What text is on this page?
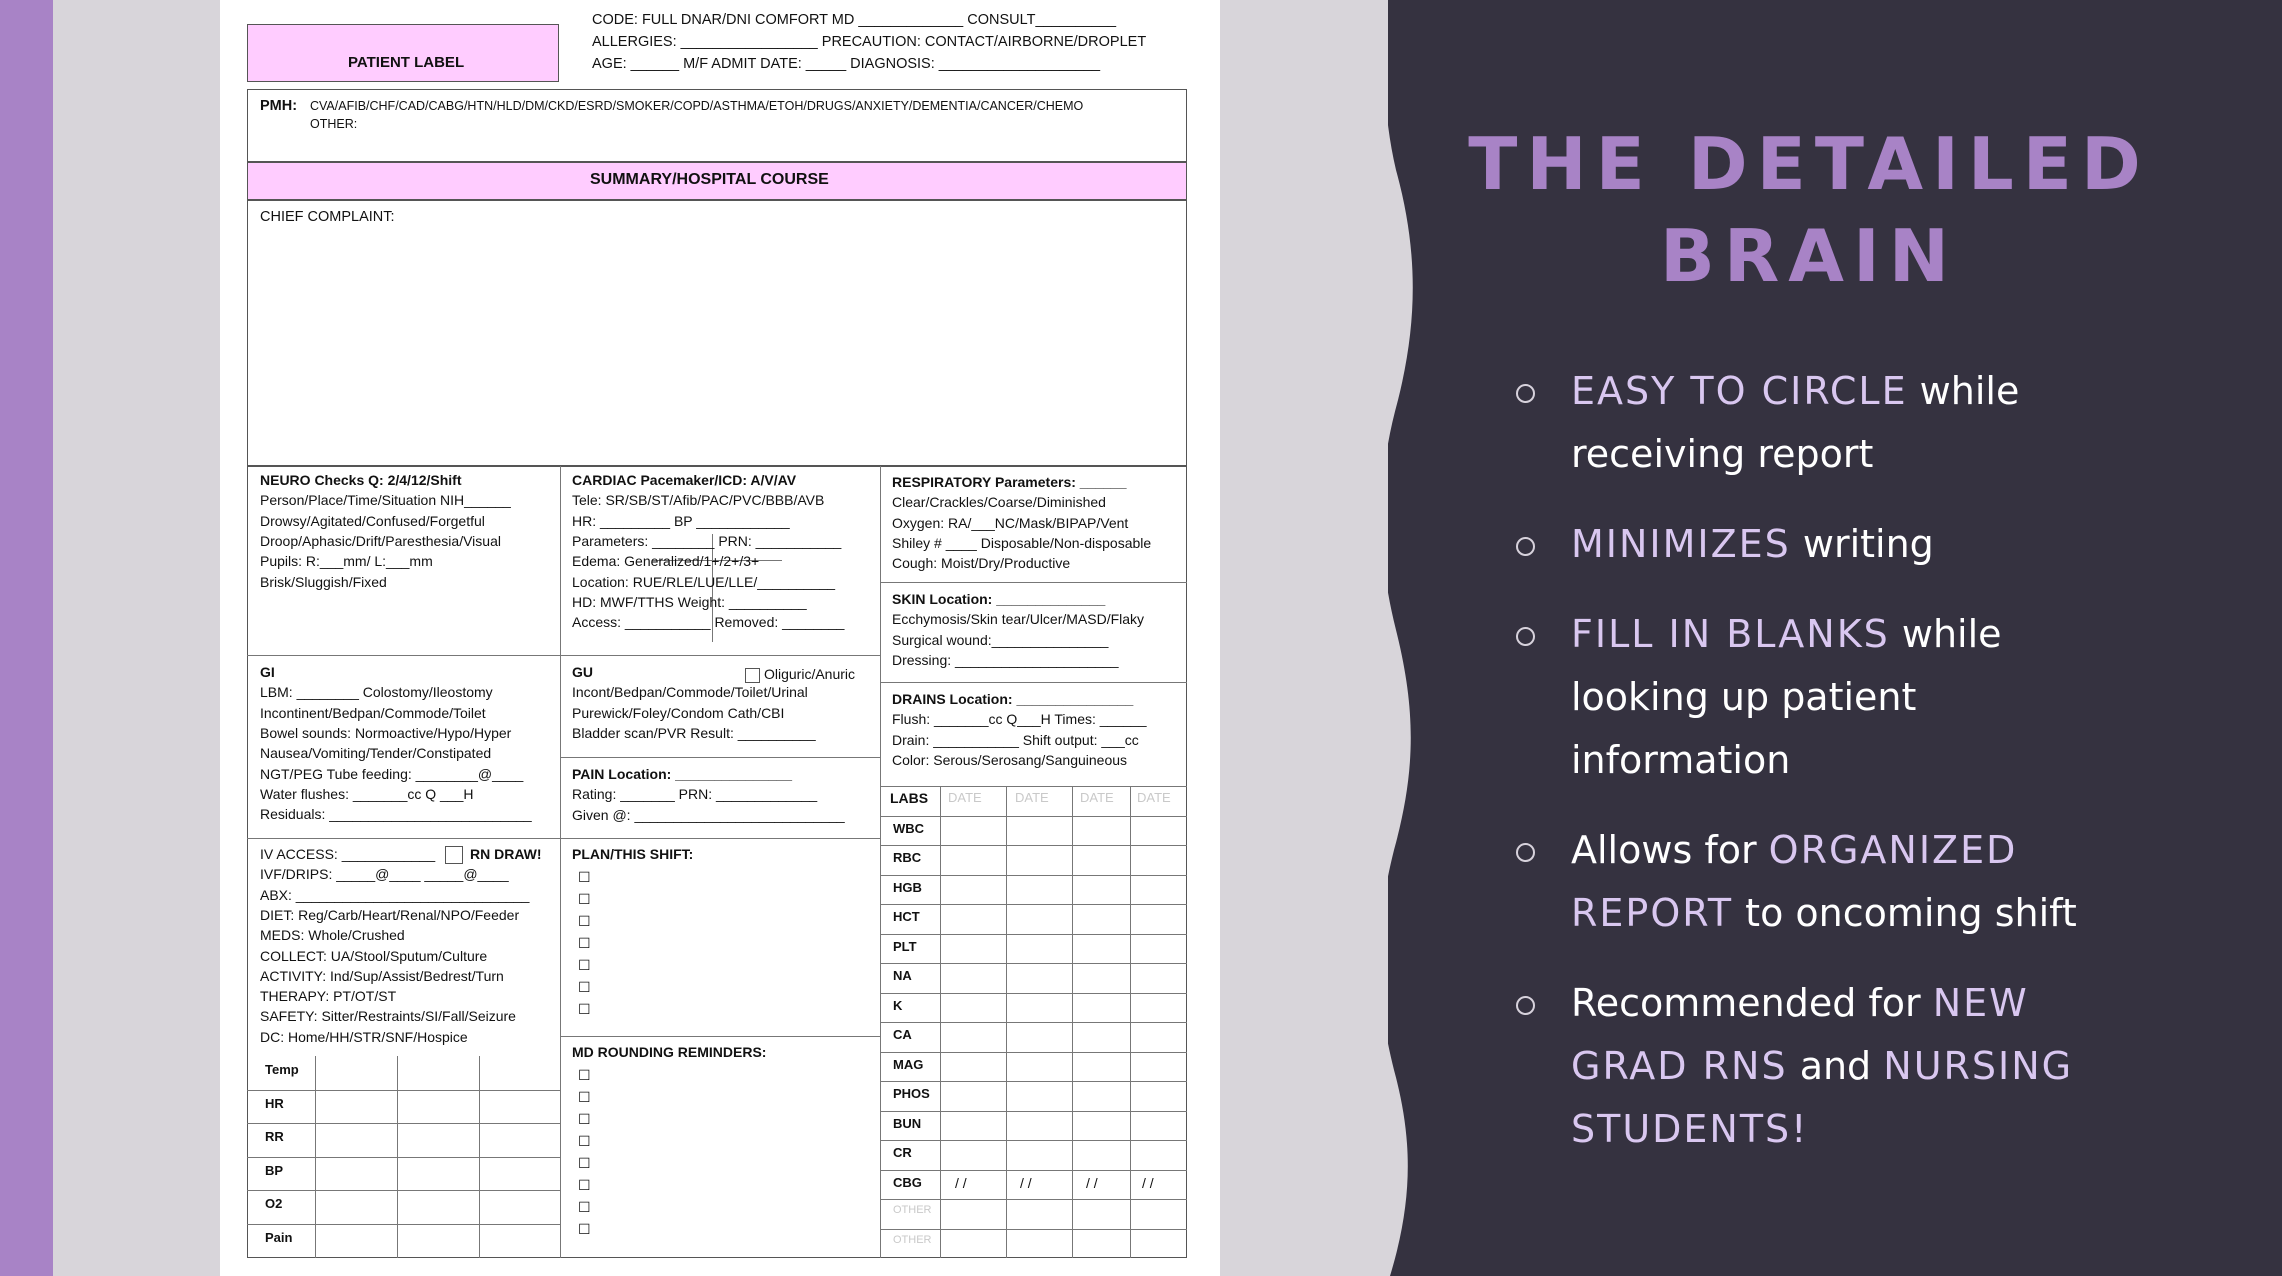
PATIENT LABEL
CODE: FULL DNAR/DNI COMFORT MD _____________ CONSULT__________
ALLERGIES: _________________ PRECAUTION: CONTACT/AIRBORNE/DROPLET
AGE: ______ M/F ADMIT DATE: _____ DIAGNOSIS: ____________________
PMH: CVA/AFIB/CHF/CAD/CABG/HTN/HLD/DM/CKD/ESRD/SMOKER/COPD/ASTHMA/ETOH/DRUGS/ANXIETY/DEMENTIA/CANCER/CHEMO
OTHER:
SUMMARY/HOSPITAL COURSE
CHIEF COMPLAINT:
NEURO Checks Q: 2/4/12/Shift
Person/Place/Time/Situation NIH______
Drowsy/Agitated/Confused/Forgetful
Droop/Aphasic/Drift/Paresthesia/Visual
Pupils: R:___mm/ L:___mm
Brisk/Sluggish/Fixed
CARDIAC Pacemaker/ICD: A/V/AV
Tele: SR/SB/ST/Afib/PAC/PVC/BBB/AVB
HR: _________ BP ____________
Parameters: ________ PRN: ___________
Edema: Generalized/1+/2+/3+
Location: RUE/RLE/LUE/LLE/__________
HD: MWF/TTHS Weight: __________
Access: ___________ Removed: ________
RESPIRATORY Parameters: ______
Clear/Crackles/Coarse/Diminished
Oxygen: RA/___NC/Mask/BIPAP/Vent
Shiley # ____ Disposable/Non-disposable
Cough: Moist/Dry/Productive
SKIN Location: ______________
Ecchymosis/Skin tear/Ulcer/MASD/Flaky
Surgical wound:_______________
Dressing: _____________________
GI
LBM: ________ Colostomy/Ileostomy
Incontinent/Bedpan/Commode/Toilet
Bowel sounds: Normoactive/Hypo/Hyper
Nausea/Vomiting/Tender/Constipated
NGT/PEG Tube feeding: ________@____
Water flushes: _______cc Q ___H
Residuals: __________________________
GU
Incont/Bedpan/Commode/Toilet/Urinal
Purewick/Foley/Condom Cath/CBI
Bladder scan/PVR Result: __________
Oliguric/Anuric
DRAINS Location: _______________
Flush: _______cc Q___H Times: ______
Drain: ___________ Shift output: ___cc
Color: Serous/Serosang/Sanguineous
PAIN Location: _______________
Rating: _______ PRN: _____________
Given @: ___________________________
IV ACCESS: ____________
IVF/DRIPS: _____@____ _____@____
ABX: ______________________________
DIET: Reg/Carb/Heart/Renal/NPO/Feeder
MEDS: Whole/Crushed
COLLECT: UA/Stool/Sputum/Culture
ACTIVITY: Ind/Sup/Assist/Bedrest/Turn
THERAPY: PT/OT/ST
SAFETY: Sitter/Restraints/SI/Fall/Seizure
DC: Home/HH/STR/SNF/Hospice
RN DRAW! PLAN/THIS SHIFT:
☐
☐
☐
☐
☐
☐
☐
MD ROUNDING REMINDERS:
☐
☐
☐
☐
☐
☐
☐
☐
Temp
HR
RR
BP
O2
Pain
LABS DATE	DATE DATE DATE
WBC
RBC
HGB
HCT
PLT
NA
K
CA
MAG
PHOS
BUN
CR
CBG / /	/ /	/ /	/ /
OTHER
OTHER
THE DETAILED
BRAIN
EASY TO CIRCLE while receiving report
MINIMIZES writing
FILL IN BLANKS while looking up patient information
Allows for ORGANIZED REPORT to oncoming shift
Recommended for NEW GRAD RNS and NURSING STUDENTS!
